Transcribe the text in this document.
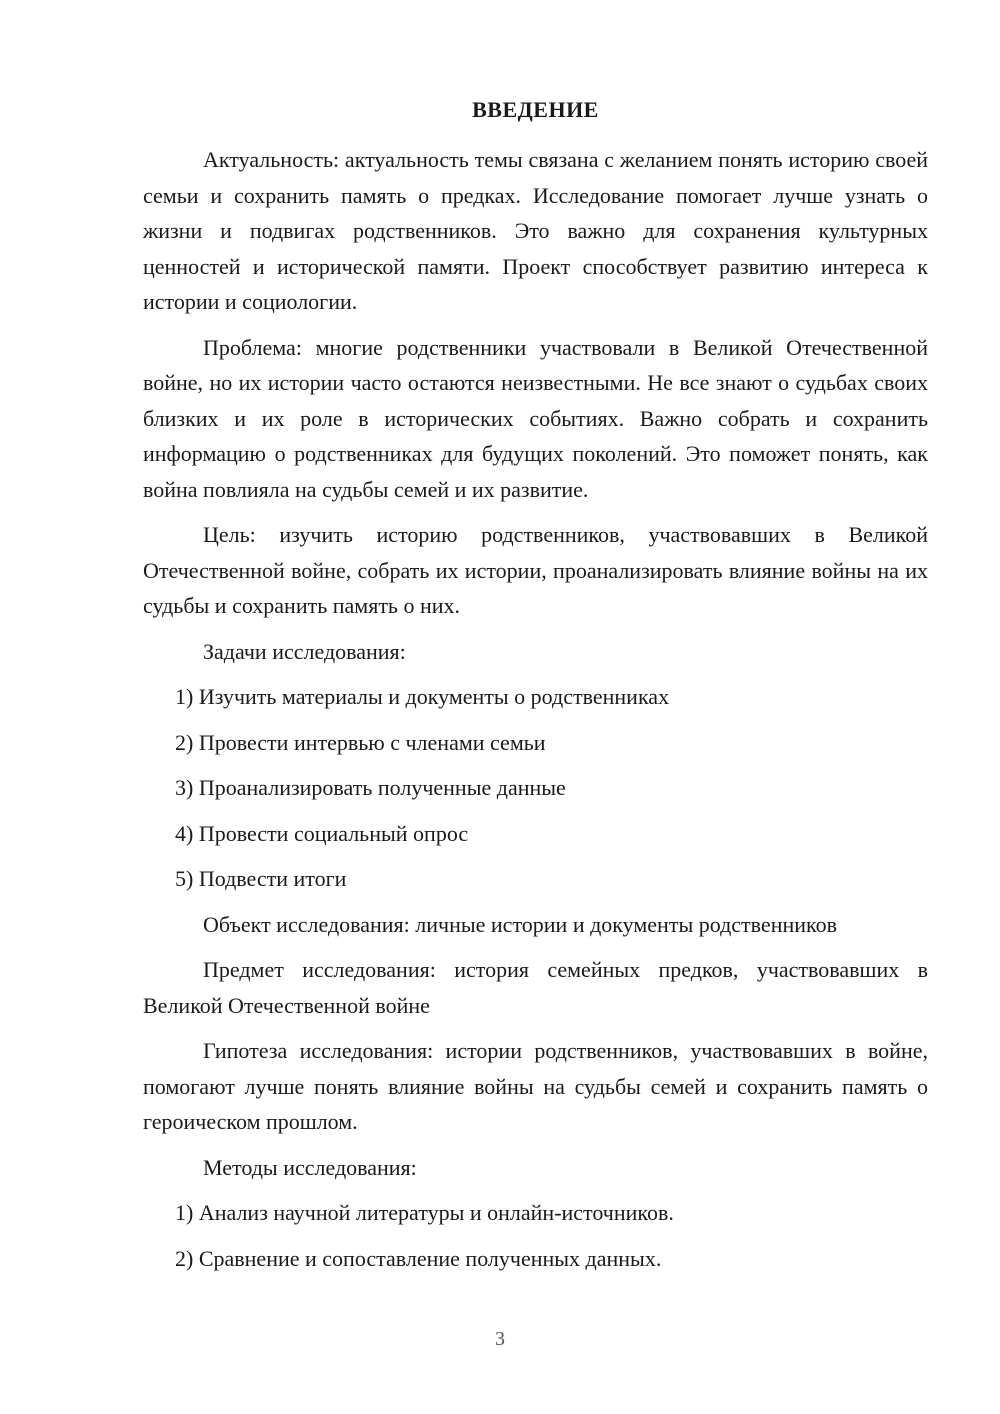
ВВЕДЕНИЕ
Актуальность: актуальность темы связана с желанием понять историю своей семьи и сохранить память о предках. Исследование помогает лучше узнать о жизни и подвигах родственников. Это важно для сохранения культурных ценностей и исторической памяти. Проект способствует развитию интереса к истории и социологии.
Проблема: многие родственники участвовали в Великой Отечественной войне, но их истории часто остаются неизвестными. Не все знают о судьбах своих близких и их роле в исторических событиях. Важно собрать и сохранить информацию о родственниках для будущих поколений. Это поможет понять, как война повлияла на судьбы семей и их развитие.
Цель: изучить историю родственников, участвовавших в Великой Отечественной войне, собрать их истории, проанализировать влияние войны на их судьбы и сохранить память о них.
Задачи исследования:
1) Изучить материалы и документы о родственниках
2) Провести интервью с членами семьи
3) Проанализировать полученные данные
4) Провести социальный опрос
5) Подвести итоги
Объект исследования: личные истории и документы родственников
Предмет исследования: история семейных предков, участвовавших в Великой Отечественной войне
Гипотеза исследования: истории родственников, участвовавших в войне, помогают лучше понять влияние войны на судьбы семей и сохранить память о героическом прошлом.
Методы исследования:
1) Анализ научной литературы и онлайн-источников.
2) Сравнение и сопоставление полученных данных.
3
